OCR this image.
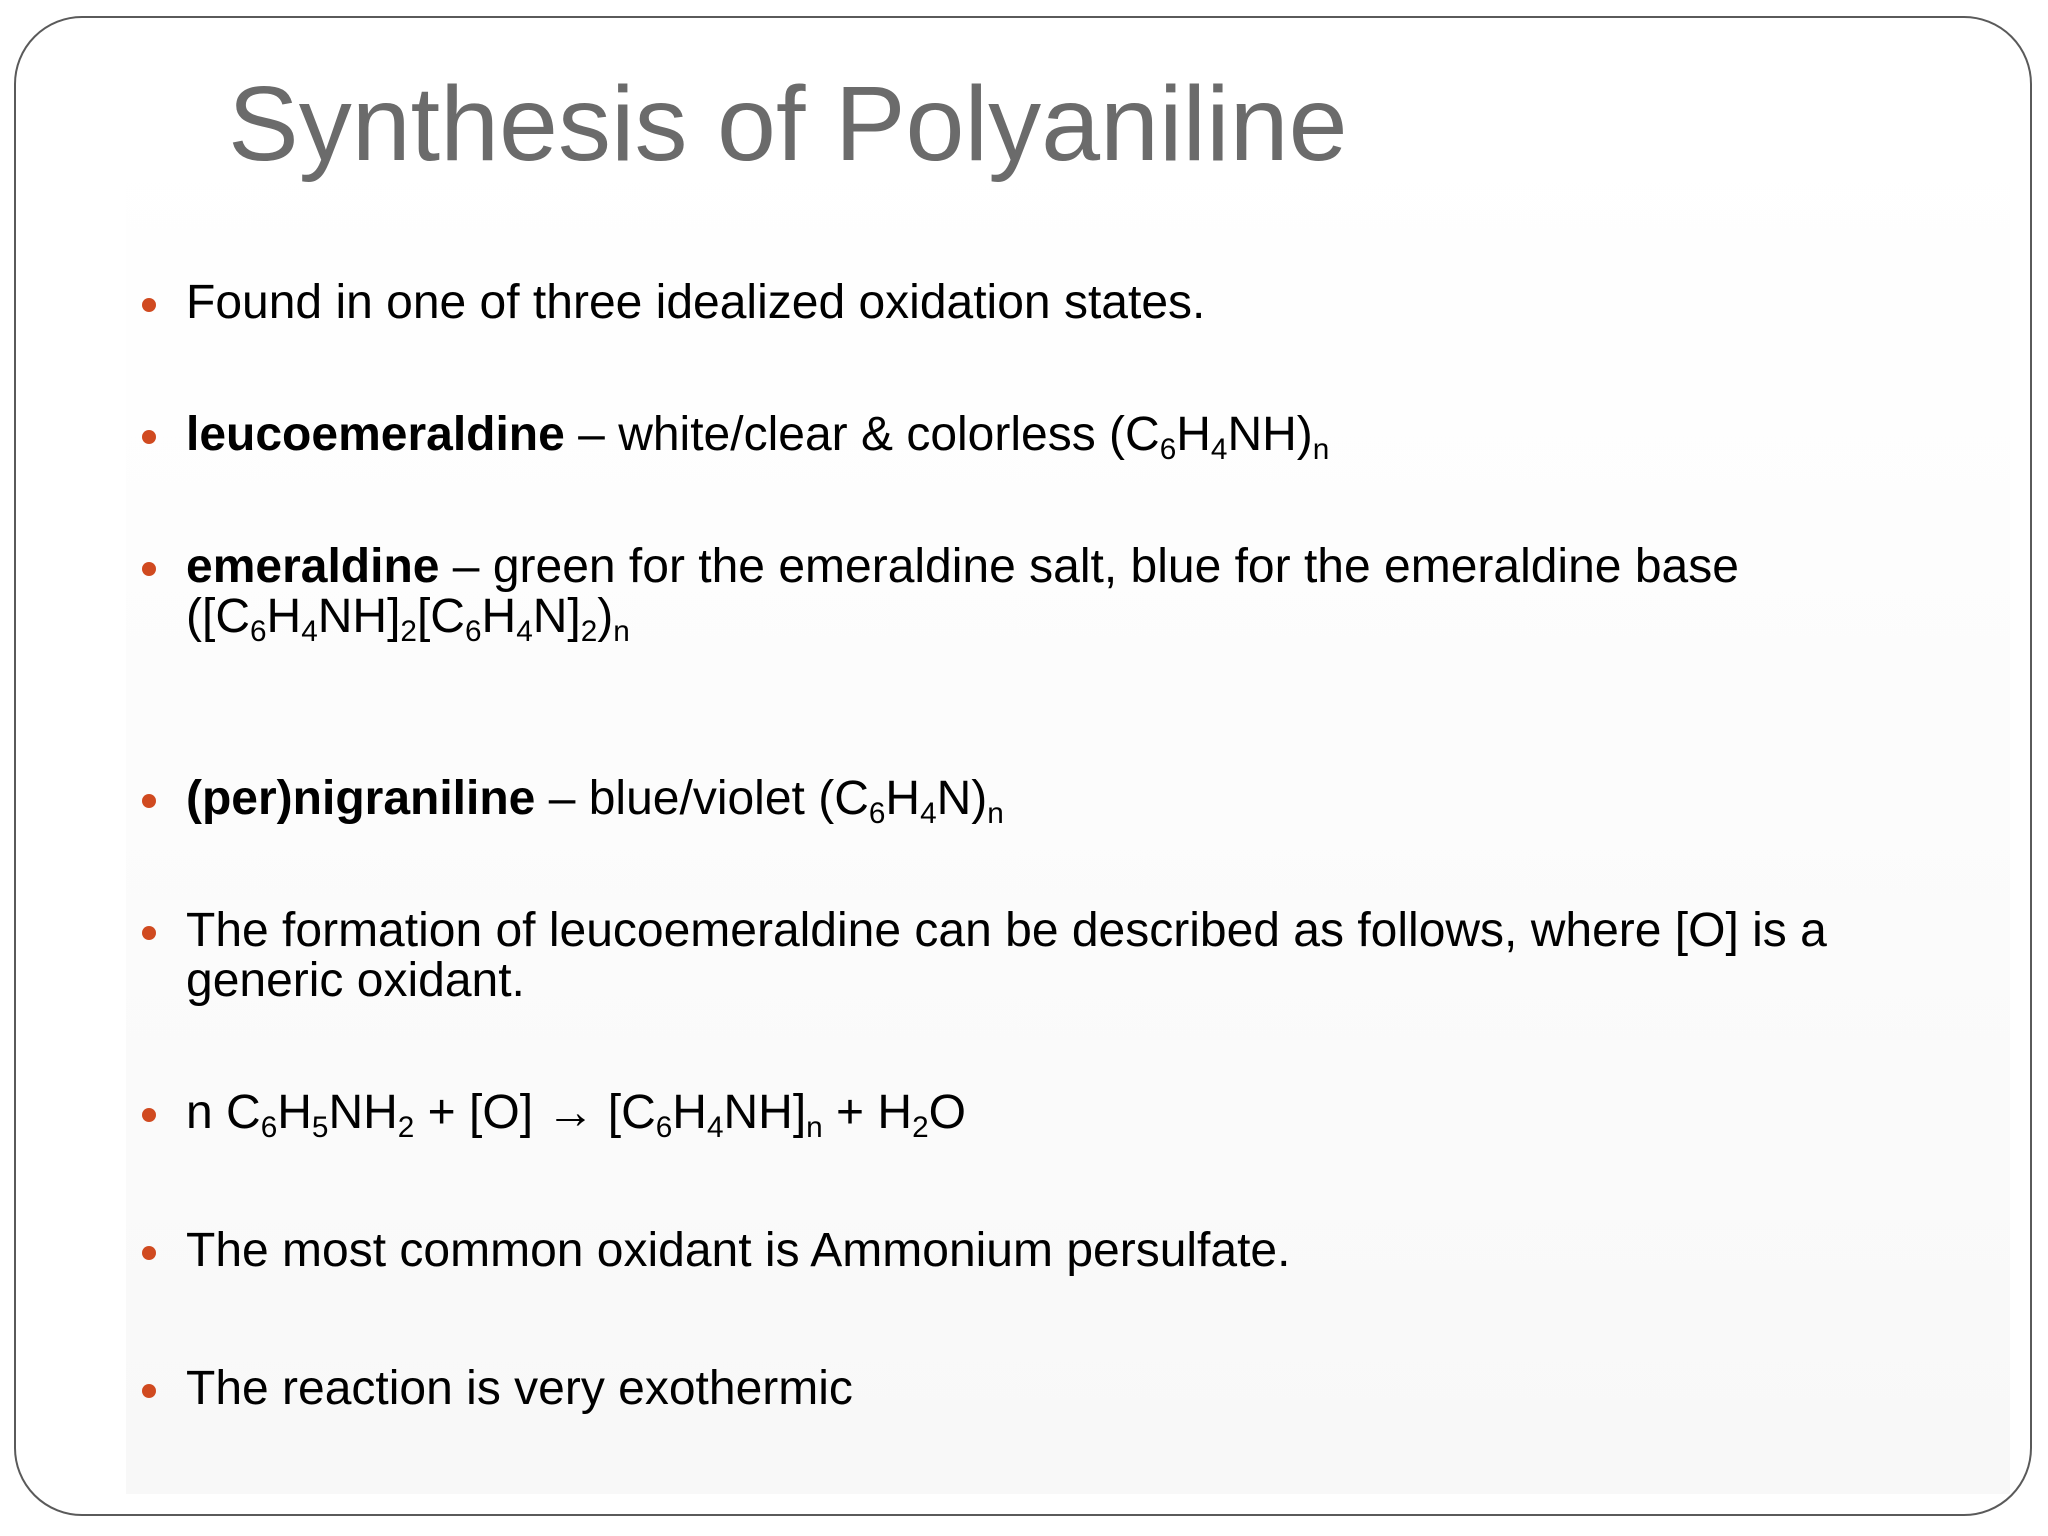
Synthesis of Polyaniline
Found in one of three idealized oxidation states.
leucoemeraldine – white/clear & colorless $(C_6H_4NH)_n$
emeraldine – green for the emeraldine salt, blue for the emeraldine base
$([C_6H_4NH]_2[C_6H_4N]_2)_n$
(per)nigraniline – blue/violet $(C_6H_4N)_n$
The formation of leucoemeraldine can be described as follows, where [O] is a generic oxidant.
n $C_6H_5NH_2 + [O] \to [C_6H_4NH]_n + H_2O$
The most common oxidant is Ammonium persulfate.
The reaction is very exothermic
